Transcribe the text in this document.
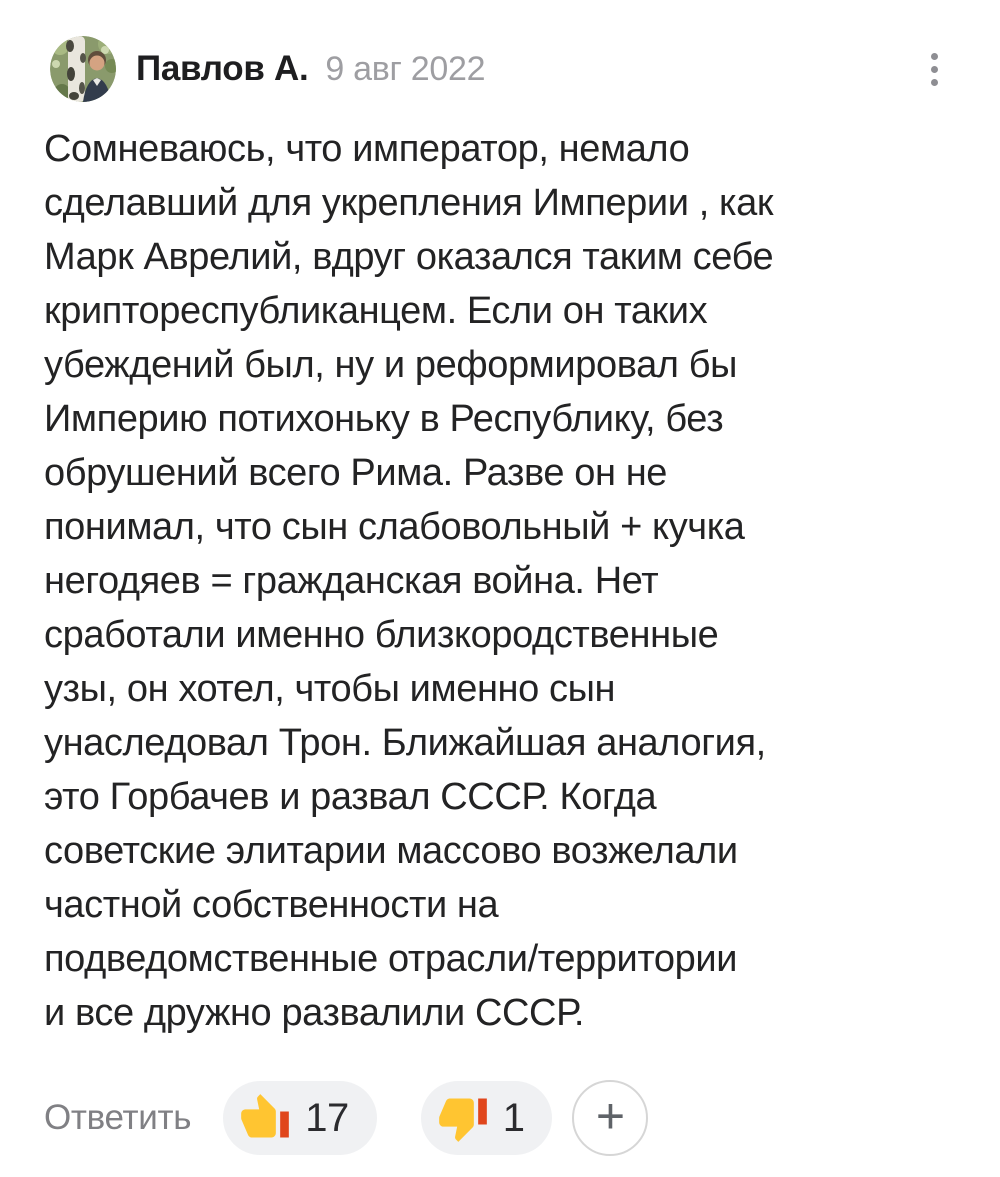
Павлов А. 9 авг 2022
Сомневаюсь, что император, немало
сделавший для укрепления Империи , как
Марк Аврелий, вдруг оказался таким себе
криптореспубликанцем. Если он таких
убеждений был, ну и реформировал бы
Империю потихоньку в Республику, без
обрушений всего Рима. Разве он не
понимал, что сын слабовольный + кучка
негодяев = гражданская война. Нет
сработали именно близкородственные
узы, он хотел, чтобы именно сын
унаследовал Трон. Ближайшая аналогия,
это Горбачев и развал СССР. Когда
советские элитарии массово возжелали
частной собственности на
подведомственные отрасли/территории
и все дружно развалили СССР.
Ответить	17	1 +
